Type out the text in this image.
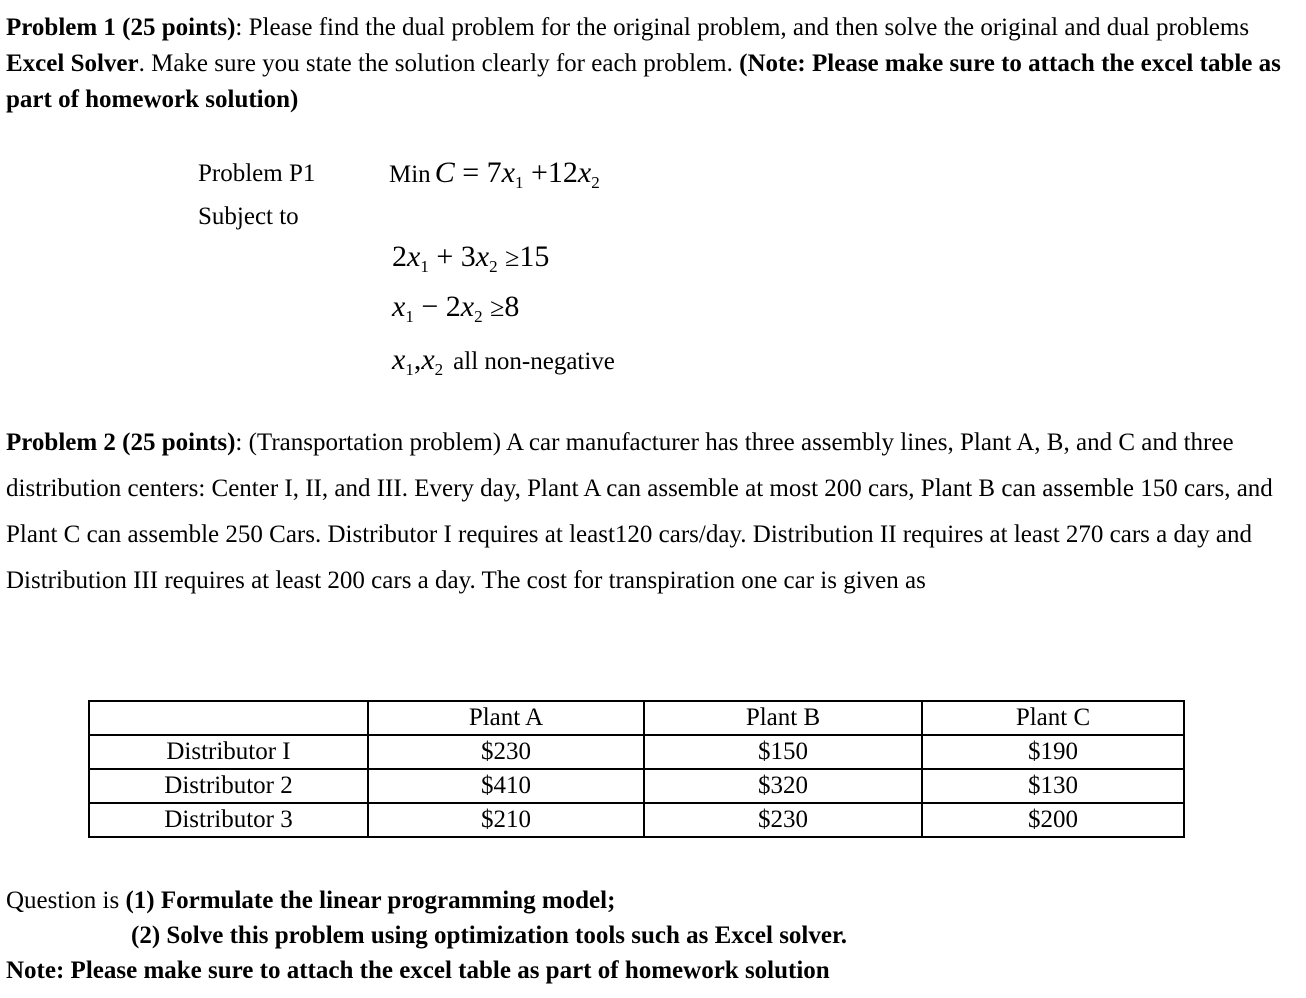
Problem 1 (25 points): Please find the dual problem for the original problem, and then solve the original and dual problems Excel Solver. Make sure you state the solution clearly for each problem. (Note: Please make sure to attach the excel table as part of homework solution)
Problem P1
Subject to
Min $C = 7x_1 +12x_2$
$2x_1 + 3x_2 \ge 15$
$x_1 - 2x_2 \ge 8$
$x_1,x_2$ all non-negative
Problem 2 (25 points): (Transportation problem) A car manufacturer has three assembly lines, Plant A, B, and C and three distribution centers: Center I, II, and III. Every day, Plant A can assemble at most 200 cars, Plant B can assemble 150 cars, and Plant C can assemble 250 Cars. Distributor I requires at least120 cars/day. Distribution II requires at least 270 cars a day and Distribution III requires at least 200 cars a day. The cost for transpiration one car is given as
	Plant A	Plant B	Plant C
Distributor I	$230	$150	$190
Distributor 2	$410	$320	$130
Distributor 3	$210	$230	$200
Question is (1) Formulate the linear programming model;
(2) Solve this problem using optimization tools such as Excel solver.
Note: Please make sure to attach the excel table as part of homework solution
